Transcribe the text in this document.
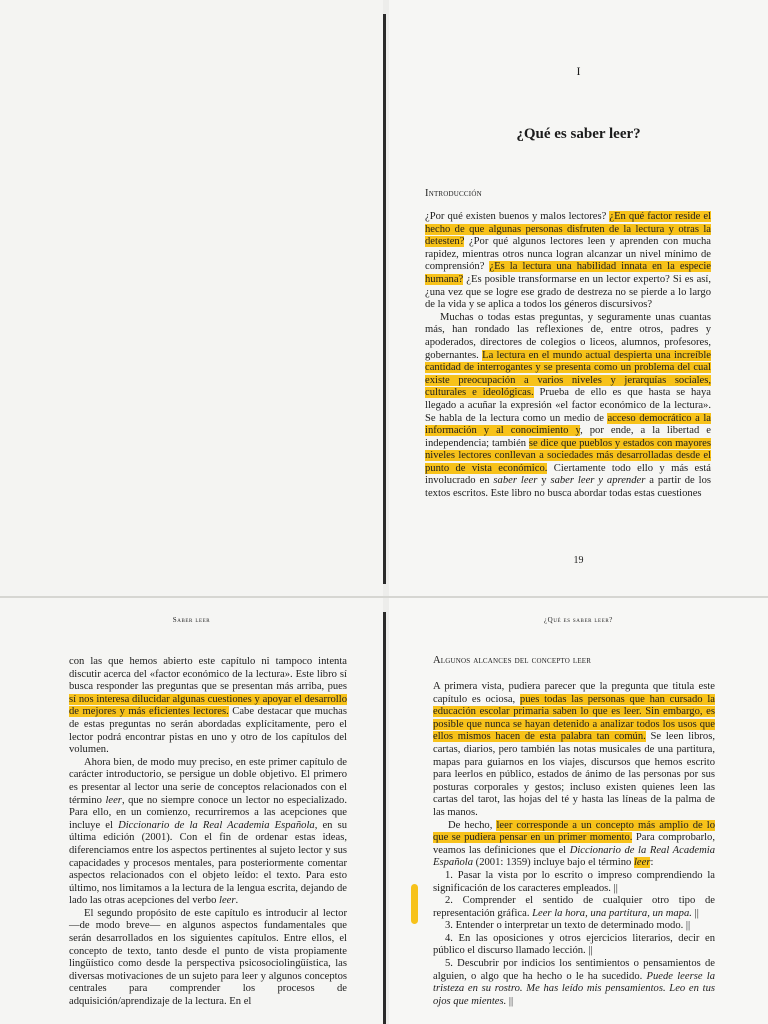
I
¿Qué es saber leer?
Introducción

¿Por qué existen buenos y malos lectores? ¿En qué factor reside el hecho de que algunas personas disfruten de la lectura y otras la detesten? ¿Por qué algunos lectores leen y aprenden con mucha rapidez, mientras otros nunca logran alcanzar un nivel mínimo de comprensión? ¿Es la lectura una habilidad innata en la especie humana? ¿Es posible transformarse en un lector experto? Si es así, ¿una vez que se logre ese grado de destreza no se pierde a lo largo de la vida y se aplica a todos los géneros discursivos?

Muchas o todas estas preguntas, y seguramente unas cuantas más, han rondado las reflexiones de, entre otros, padres y apoderados, directores de colegios o liceos, alumnos, profesores, gobernantes. La lectura en el mundo actual despierta una increíble cantidad de interrogantes y se presenta como un problema del cual existe preocupación a varios niveles y jerarquías sociales, culturales e ideológicas. Prueba de ello es que hasta se haya llegado a acuñar la expresión «el factor económico de la lectura». Se habla de la lectura como un medio de acceso democrático a la información y al conocimiento y, por ende, a la libertad e independencia; también se dice que pueblos y estados con mayores niveles lectores conllevan a sociedades más desarrolladas desde el punto de vista económico. Ciertamente todo ello y más está involucrado en saber leer y saber leer y aprender a partir de los textos escritos. Este libro no busca abordar todas estas cuestiones

19
Saber leer

con las que hemos abierto este capítulo ni tampoco intenta discutir acerca del «factor económico de la lectura». Este libro sí busca responder las preguntas que se presentan más arriba, pues sí nos interesa dilucidar algunas cuestiones y apoyar el desarrollo de mejores y más eficientes lectores. Cabe destacar que muchas de estas preguntas no serán abordadas explícitamente, pero el lector podrá encontrar pistas en uno y otro de los capítulos del volumen.

Ahora bien, de modo muy preciso, en este primer capítulo de carácter introductorio, se persigue un doble objetivo. El primero es presentar al lector una serie de conceptos relacionados con el término leer, que no siempre conoce un lector no especializado. Para ello, en un comienzo, recurriremos a las acepciones que incluye el Diccionario de la Real Academia Española, en su última edición (2001). Con el fin de ordenar estas ideas, diferenciamos entre los aspectos pertinentes al sujeto lector y sus capacidades y procesos mentales, para posteriormente comentar aspectos relacionados con el objeto leído: el texto. Para esto último, nos limitamos a la lectura de la lengua escrita, dejando de lado las otras acepciones del verbo leer.

El segundo propósito de este capítulo es introducir al lector —de modo breve— en algunos aspectos fundamentales que serán desarrollados en los siguientes capítulos. Entre ellos, el concepto de texto, tanto desde el punto de vista propiamente lingüístico como desde la perspectiva psicosociolingüística, las diversas motivaciones de un sujeto para leer y algunos conceptos centrales para comprender los procesos de adquisición/aprendizaje de la lectura. En el

¿Qué es saber leer?
Algunos alcances del concepto leer

A primera vista, pudiera parecer que la pregunta que titula este capítulo es ociosa, pues todas las personas que han cursado la educación escolar primaria saben lo que es leer. Sin embargo, es posible que nunca se hayan detenido a analizar todos los usos que ellos mismos hacen de esta palabra tan común. Se leen libros, cartas, diarios, pero también las notas musicales de una partitura, mapas para guiarnos en los viajes, discursos que hemos escrito para leerlos en público, estados de ánimo de las personas por sus posturas corporales y gestos; incluso existen quienes leen las cartas del tarot, las hojas del té y hasta las líneas de la palma de las manos.

De hecho, leer corresponde a un concepto más amplio de lo que se pudiera pensar en un primer momento. Para comprobarlo, veamos las definiciones que el Diccionario de la Real Academia Española (2001: 1359) incluye bajo el término leer:

1. Pasar la vista por lo escrito o impreso comprendiendo la significación de los caracteres empleados. ||

2. Comprender el sentido de cualquier otro tipo de representación gráfica. Leer la hora, una partitura, un mapa. ||

3. Entender o interpretar un texto de determinado modo. ||

4. En las oposiciones y otros ejercicios literarios, decir en público el discurso llamado lección. ||

5. Descubrir por indicios los sentimientos o pensamientos de alguien, o algo que ha hecho o le ha sucedido. Puede leerse la tristeza en su rostro. Me has leído mis pensamientos. Leo en tus ojos que mientes. ||
